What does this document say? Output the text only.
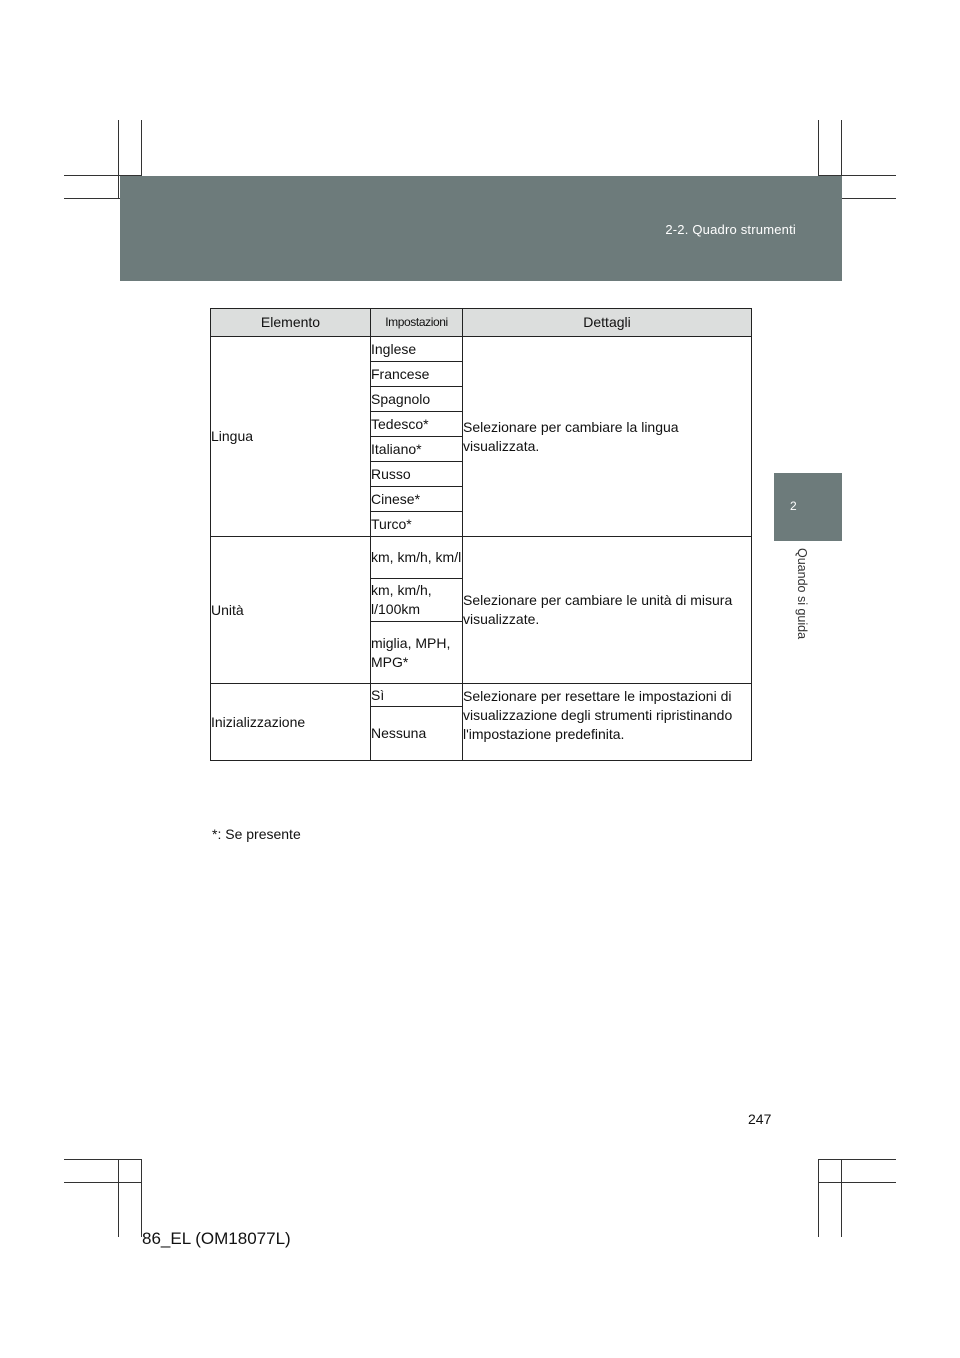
2-2. Quadro strumenti
2
Quando si guida
Elemento	Impostazioni	Dettagli
Lingua	Inglese	Selezionare per cambiare la lingua visualizzata.
	Francese	
	Spagnolo	
	Tedesco*	
	Italiano*	
	Russo	
	Cinese*	
	Turco*	
Unità	km, km/h, km/l	Selezionare per cambiare le unità di misura visualizzate.
	km, km/h, l/100km	
	miglia, MPH, MPG*	
Inizializzazione	Sì	Selezionare per resettare le impostazioni di visualizzazione degli strumenti ripristinando l'impostazione predefinita.
	Nessuna	
*: Se presente
247
86_EL (OM18077L)
